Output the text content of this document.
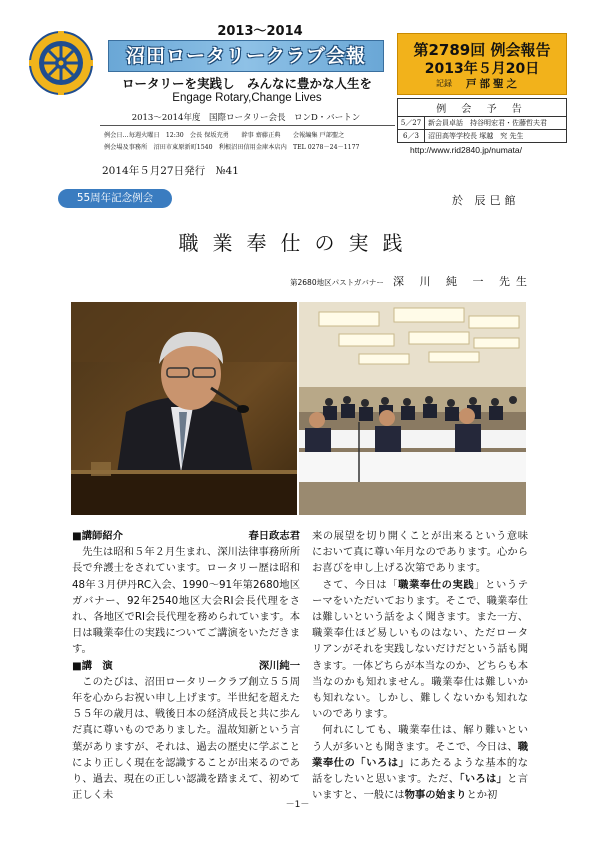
2013～2014
沼田ロータリークラブ会報
ロータリーを実践し　みんなに豊かな人生を
Engage Rotary,Change Lives
2013～2014年度　国際ロータリー会長　ロンD・バートン
例会日…毎週火曜日　12:30　会長 保坂充勇　　幹事 齋藤正典　　会報編集 戸部聖之
例会場及事務所　沼田市東原新町1540　利根沼田信用金庫本店内　TEL 0278－24－1177
第2789回 例会報告
2013年５月20日
記録 戸部聖之
例 会 予 告
5／27 新会員卓話　持谷明宏君・佐藤哲夫君
6／3	沼田高等学校長 塚越　究 先生
http://www.rid2840.jp/numata/
2014年５月27日発行　№41
55周年記念例会	於 辰巳館
職業奉仕の実践
第2680地区パストガバナー 深 川 純 一 先生
■講師紹介	春日政志君

先生は昭和５年２月生まれ、深川法律事務所所長で弁護士をされています。ロータリー歴は昭和48年３月伊丹RC入会、1990～91年第2680地区ガバナー、92年2540地区大会RI会長代理をされ、各地区でRI会長代理を務められています。本日は職業奉仕の実践についてご講演をいただきます。

■講　演	深川純一

このたびは、沼田ロータリークラブ創立５５周年を心からお祝い申し上げます。半世紀を超えた５５年の歳月は、戦後日本の経済成長と共に歩んだ真に尊いものでありました。温故知新という言葉がありますが、それは、過去の歴史に学ぶことにより正しく現在を認識することが出来るのであり、過去、現在の正しい認識を踏まえて、初めて正しく未

来の展望を切り開くことが出来るという意味において真に尊い年月なのであります。心からお喜びを申し上げる次第であります。

さて、今日は「職業奉仕の実践」というテーマをいただいております。そこで、職業奉仕は難しいという話をよく聞きます。また一方、職業奉仕ほど易しいものはない、ただロータリアンがそれを実践しないだけだという話も聞きます。一体どちらが本当なのか、どちらも本当なのかも知れません。職業奉仕は難しいかも知れない。しかし、難しくないかも知れないのであります。

何れにしても、職業奉仕は、解り難いという人が多いとも聞きます。そこで、今日は、職業奉仕の「いろは」にあたるような基本的な話をしたいと思います。ただ、「いろは」と言いますと、一般には物事の始まりとか初

－1－
